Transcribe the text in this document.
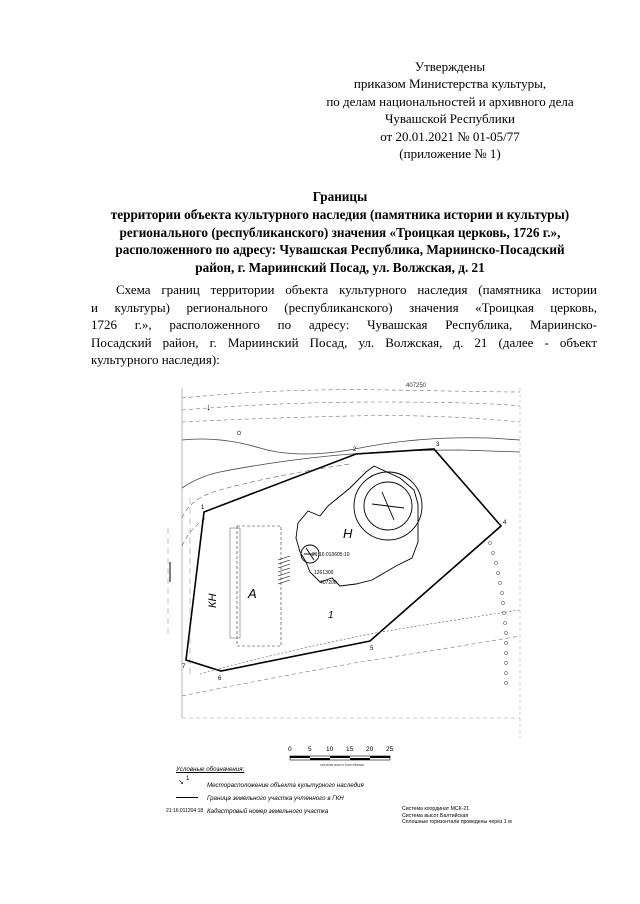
Утверждены
приказом Министерства культуры,
по делам национальностей и архивного дела
Чувашской Республики
от 20.01.2021 № 01-05/77
(приложение № 1)
Границы
территории объекта культурного наследия (памятника истории и культуры)
регионального (республиканского) значения «Троицкая церковь, 1726 г.»,
расположенного по адресу: Чувашская Республика, Мариинско-Посадский
район, г. Мариинский Посад, ул. Волжская, д. 21
Схема границ территории объекта культурного наследия (памятника истории
и культуры) регионального (республиканского) значения «Троицкая церковь,
1726 г.», расположенного по адресу: Чувашская Республика, Мариинско-
Посадский район, г. Мариинский Посад, ул. Волжская, д. 21 (далее - объект
культурного наследия):
407250
↓
1
2
3
4
5
6
7
21:16:010605:10
1261300
407200
КН А
Н
1
0	5 10 15 20 25
система высот Балтийская
Условные обозначения:
↘ 1
Месторасположение объекта культурного наследия
Граница земельного участка учтенного в ГКН
21:16:011204:18 Кадастровый номер земельного участка	Система координат МСК-21
Система высот Балтийская
Сплошные горизонтали проведены через 1 м
